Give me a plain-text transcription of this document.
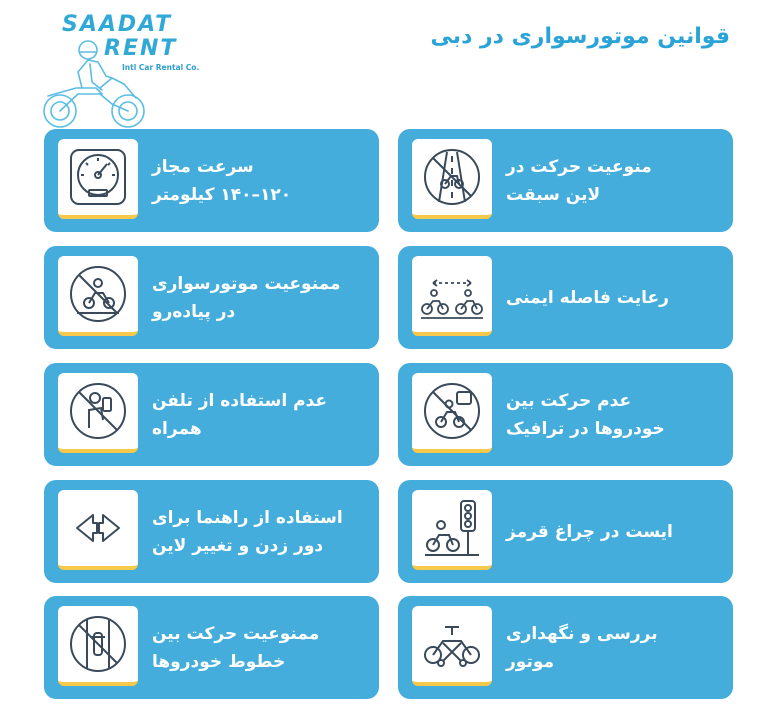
SAADAT
RENT
Intl Car Rental Co.
قوانین موتورسواری در دبی
منوعیت حرکت در
لاین سبقت
سرعت مجاز
۱۲۰–۱۴۰ کیلومتر
رعایت فاصله ایمنی
ممنوعیت موتورسواری
در پیاده‌رو
عدم حرکت بین
خودروها در ترافیک
عدم استفاده از تلفن
همراه
ایست در چراغ قرمز
استفاده از راهنما برای
دور زدن و تغییر لاین
بررسی و نگهداری
موتور
ممنوعیت حرکت بین
خطوط خودروها
